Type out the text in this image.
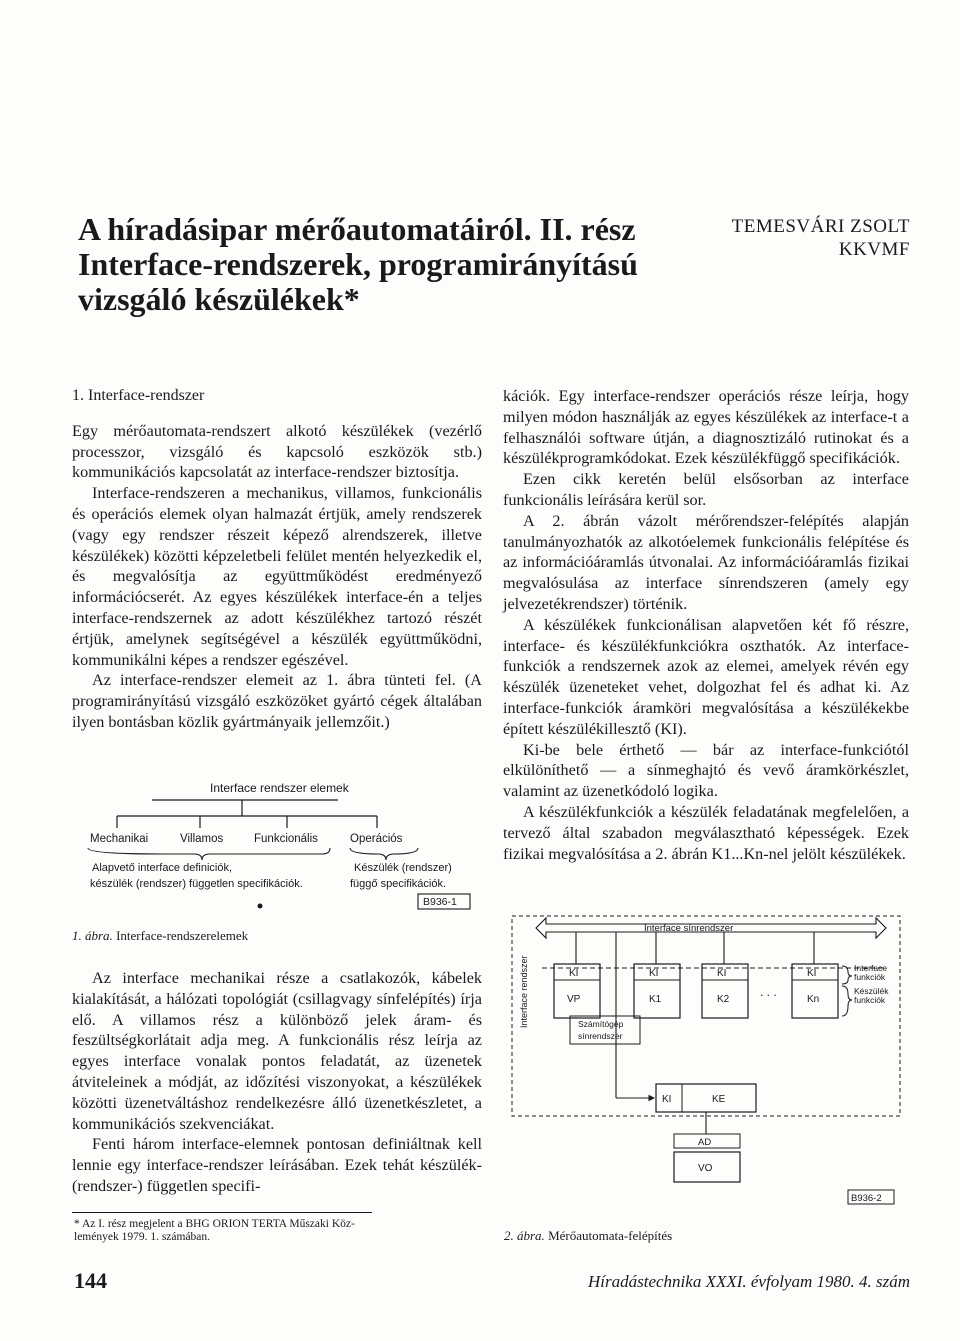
A híradásipar mérőautomatáiról. II. rész
Interface-rendszerek, programirányítású
vizsgáló készülékek*
TEMESVÁRI ZSOLT
KKVMF
1. Interface-rendszer

Egy mérőautomata-rendszert alkotó készülékek (vezérlő processzor, vizsgáló és kapcsoló eszközök stb.) kommunikációs kapcsolatát az interface-rendszer biztosítja.

Interface-rendszeren a mechanikus, villamos, funkcionális és operációs elemek olyan halmazát értjük, amely rendszerek (vagy egy rendszer részeit képező alrendszerek, illetve készülékek) közötti képzeletbeli felület mentén helyezkedik el, és megvalósítja az együttműködést eredményező információcserét. Az egyes készülékek interface-én a teljes interface-rendszernek az adott készülékhez tartozó részét értjük, amelynek segítségével a készülék együttműködni, kommunikálni képes a rendszer egészével.

Az interface-rendszer elemeit az 1. ábra tünteti fel. (A programirányítású vizsgáló eszközöket gyártó cégek általában ilyen bontásban közlik gyártmányaik jellemzőit.)

Interface rendszer elemek
Mechanikai	Villamos	Funkcionális	Operációs
Alapvető interface definiciók,	Készülék (rendszer)
készülék (rendszer) független specifikációk.	függő specifikációk.
B936-1
1. ábra. Interface-rendszerelemek

Az interface mechanikai része a csatlakozók, kábelek kialakítását, a hálózati topológiát (csillagvagy sínfelépítés) írja elő. A villamos rész a különböző jelek áram- és feszültségkorlátait adja meg. A funkcionális rész leírja az egyes interface vonalak pontos feladatát, az üzenetek átviteleinek a módját, az időzítési viszonyokat, a készülékek közötti üzenetváltáshoz rendelkezésre álló üzenetkészletet, a kommunikációs szekvenciákat.

Fenti három interface-elemnek pontosan definiáltnak kell lennie egy interface-rendszer leírásában. Ezek tehát készülék- (rendszer-) független specifi-

kációk. Egy interface-rendszer operációs része leírja, hogy milyen módon használják az egyes készülékek az interface-t a felhasználói software útján, a diagnosztizáló rutinokat és a készülékprogramkódokat. Ezek készülékfüggő specifikációk.

Ezen cikk keretén belül elsősorban az interface funkcionális leírására kerül sor.

A 2. ábrán vázolt mérőrendszer-felépítés alapján tanulmányozhatók az alkotóelemek funkcionális felépítése és az információáramlás útvonalai. Az információáramlás fizikai megvalósulása az interface sínrendszeren (amely egy jelvezetékrendszer) történik.

A készülékek funkcionálisan alapvetően két fő részre, interface- és készülékfunkciókra oszthatók. Az interface-funkciók a rendszernek azok az elemei, amelyek révén egy készülék üzeneteket vehet, dolgozhat fel és adhat ki. Az interface-funkciók áramköri megvalósítása a készülékekbe épített készülékillesztő (KI).

Ki-be bele érthető — bár az interface-funkciótól elkülöníthető — a sínmeghajtó és vevő áramkörkészlet, valamint az üzenetkódoló logika.

A készülékfunkciók a készülék feladatának megfelelően, a tervező által szabadon megválasztható képességek. Ezek fizikai megvalósítása a 2. ábrán K1...Kn-nel jelölt készülékek.

Interface sínrendszer
Interface rendszer	KI
VP
KI
K1
KI
K2
. . .
KI
Kn
Interface
funkciók
Készülék
funkciók
Számítógép
sínrendszer
KI	KE
AD
VO
B936-2
2. ábra. Mérőautomata-felépítés
* Az I. rész megjelent a BHG ORION TERTA Műszaki Köz-
lemények 1979. 1. számában.
144	Híradástechnika XXXI. évfolyam 1980. 4. szám
